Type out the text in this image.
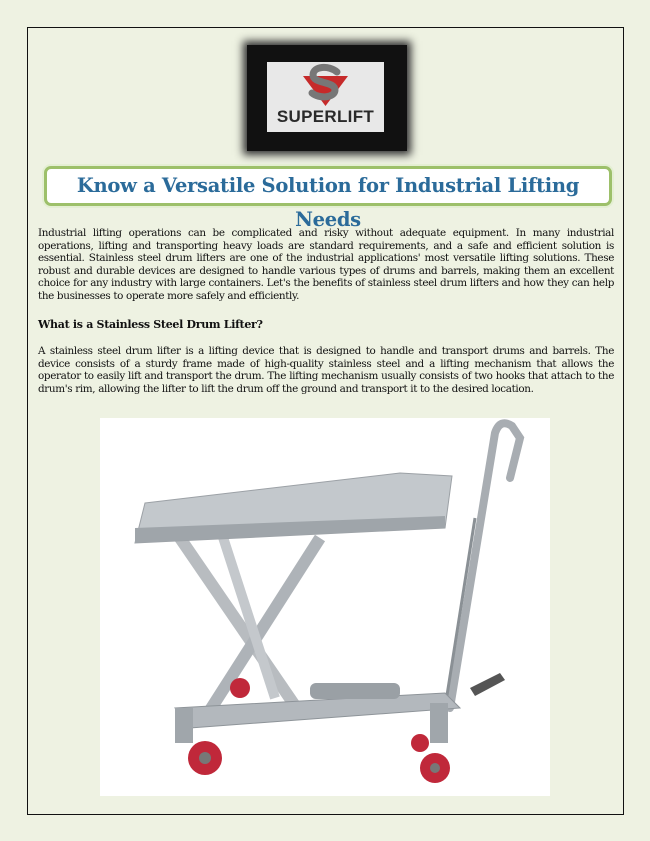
SUPERLIFT
Know a Versatile Solution for Industrial Lifting Needs
Industrial lifting operations can be complicated and risky without adequate equipment. In many industrial operations, lifting and transporting heavy loads are standard requirements, and a safe and efficient solution is essential. Stainless steel drum lifters are one of the industrial applications' most versatile lifting solutions. These robust and durable devices are designed to handle various types of drums and barrels, making them an excellent choice for any industry with large containers. Let's the benefits of stainless steel drum lifters and how they can help the businesses to operate more safely and efficiently.
What is a Stainless Steel Drum Lifter?
A stainless steel drum lifter is a lifting device that is designed to handle and transport drums and barrels. The device consists of a sturdy frame made of high-quality stainless steel and a lifting mechanism that allows the operator to easily lift and transport the drum. The lifting mechanism usually consists of two hooks that attach to the drum's rim, allowing the lifter to lift the drum off the ground and transport it to the desired location.
